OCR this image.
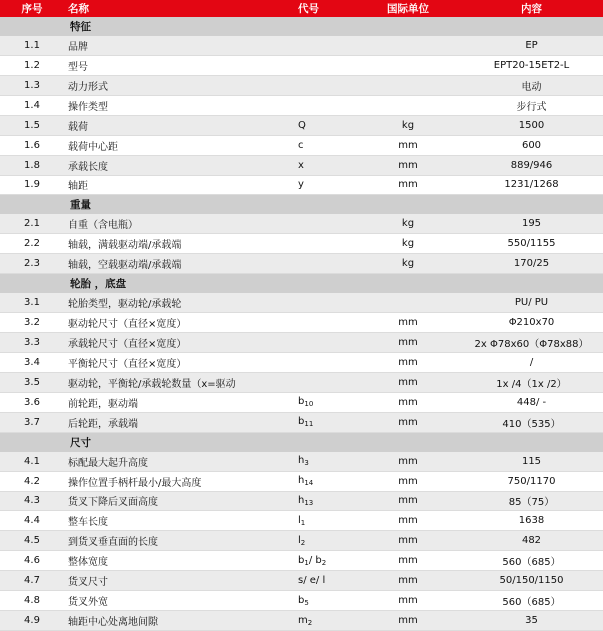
序号	名称	代号	国际单位	内容
	特征			
1.1	品牌			EP
1.2	型号			EPT20-15ET2-L
1.3	动力形式			电动
1.4	操作类型			步行式
1.5	载荷	Q	kg	1500
1.6	载荷中心距	c	mm	600
1.8	承载长度	x	mm	889/946
1.9	轴距	y	mm	1231/1268
	重量			
2.1	自重（含电瓶）		kg	195
2.2	轴载，满载驱动端/承载端		kg	550/1155
2.3	轴载，空载驱动端/承载端		kg	170/25
	轮胎 ，底盘			
3.1	轮胎类型，驱动轮/承载轮			PU/ PU
3.2	驱动轮尺寸（直径×宽度）		mm	Φ210x70
3.3	承载轮尺寸（直径×宽度）		mm	2x Φ78x60（Φ78x88）
3.4	平衡轮尺寸（直径×宽度）		mm	/
3.5	驱动轮，平衡轮/承载轮数量（x=驱动		mm	1x /4（1x /2）
3.6	前轮距，驱动端	$b_{10}$	mm	448/ -
3.7	后轮距，承载端	$b_{11}$	mm	410（535）
	尺寸			
4.1	标配最大起升高度	$h_3$	mm	115
4.2	操作位置手柄杆最小/最大高度	$h_{14}$	mm	750/1170
4.3	货叉下降后叉面高度	$h_{13}$	mm	85（75）
4.4	整车长度	$l_1$	mm	1638
4.5	到货叉垂直面的长度	$l_2$	mm	482
4.6	整体宽度	$b_1/$ $b_2$	mm	560（685）
4.7	货叉尺寸	s/ e/ l	mm	50/150/1150
4.8	货叉外宽	$b_5$	mm	560（685）
4.9	轴距中心处离地间隙	$m_2$	mm	35
